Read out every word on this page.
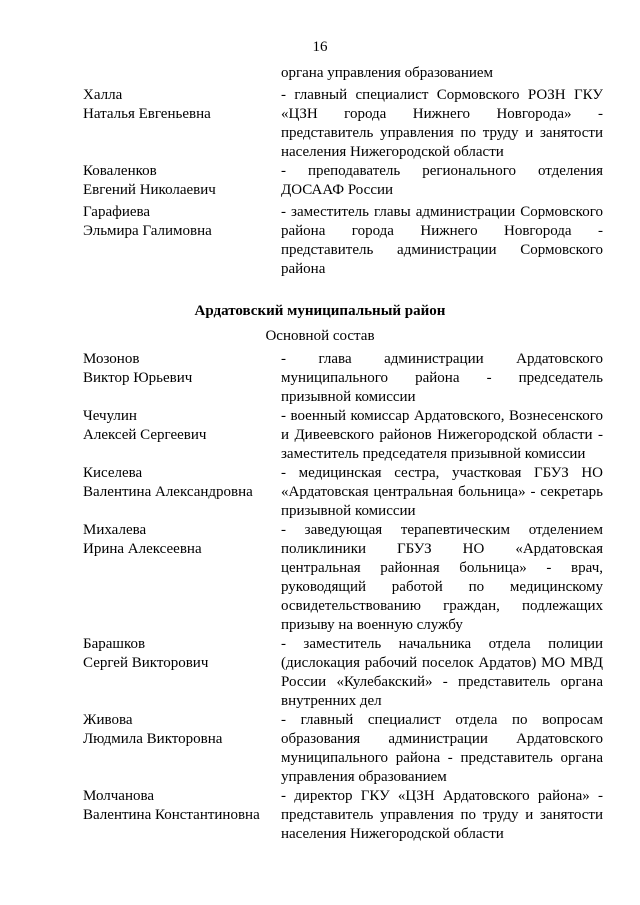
16
органа управления образованием
Халла
Наталья Евгеньевна
- главный специалист Сормовского РОЗН ГКУ
«ЦЗН города Нижнего Новгорода» -
представитель управления по труду и занятости
населения Нижегородской области
Коваленков
Евгений Николаевич
- преподаватель регионального отделения
ДОСААФ России
Гарафиева
Эльмира Галимовна
- заместитель главы администрации Сормовского
района города Нижнего Новгорода -
представитель администрации Сормовского
района
Ардатовский муниципальный район
Основной состав
Мозонов
Виктор Юрьевич
- глава администрации Ардатовского
муниципального района - председатель
призывной комиссии
Чечулин
Алексей Сергеевич
- военный комиссар Ардатовского, Вознесенского
и Дивеевского районов Нижегородской области -
заместитель председателя призывной комиссии
Киселева
Валентина Александровна
- медицинская сестра, участковая ГБУЗ НО
«Ардатовская центральная больница» - секретарь
призывной комиссии
Михалева
Ирина Алексеевна
- заведующая терапевтическим отделением
поликлиники ГБУЗ НО «Ардатовская
центральная районная больница» - врач,
руководящий работой по медицинскому
освидетельствованию граждан, подлежащих
призыву на военную службу
Барашков
Сергей Викторович
- заместитель начальника отдела полиции
(дислокация рабочий поселок Ардатов) МО МВД
России «Кулебакский» - представитель органа
внутренних дел
Живова
Людмила Викторовна
- главный специалист отдела по вопросам
образования администрации Ардатовского
муниципального района - представитель органа
управления образованием
Молчанова
Валентина Константиновна
- директор ГКУ «ЦЗН Ардатовского района» -
представитель управления по труду и занятости
населения Нижегородской области
